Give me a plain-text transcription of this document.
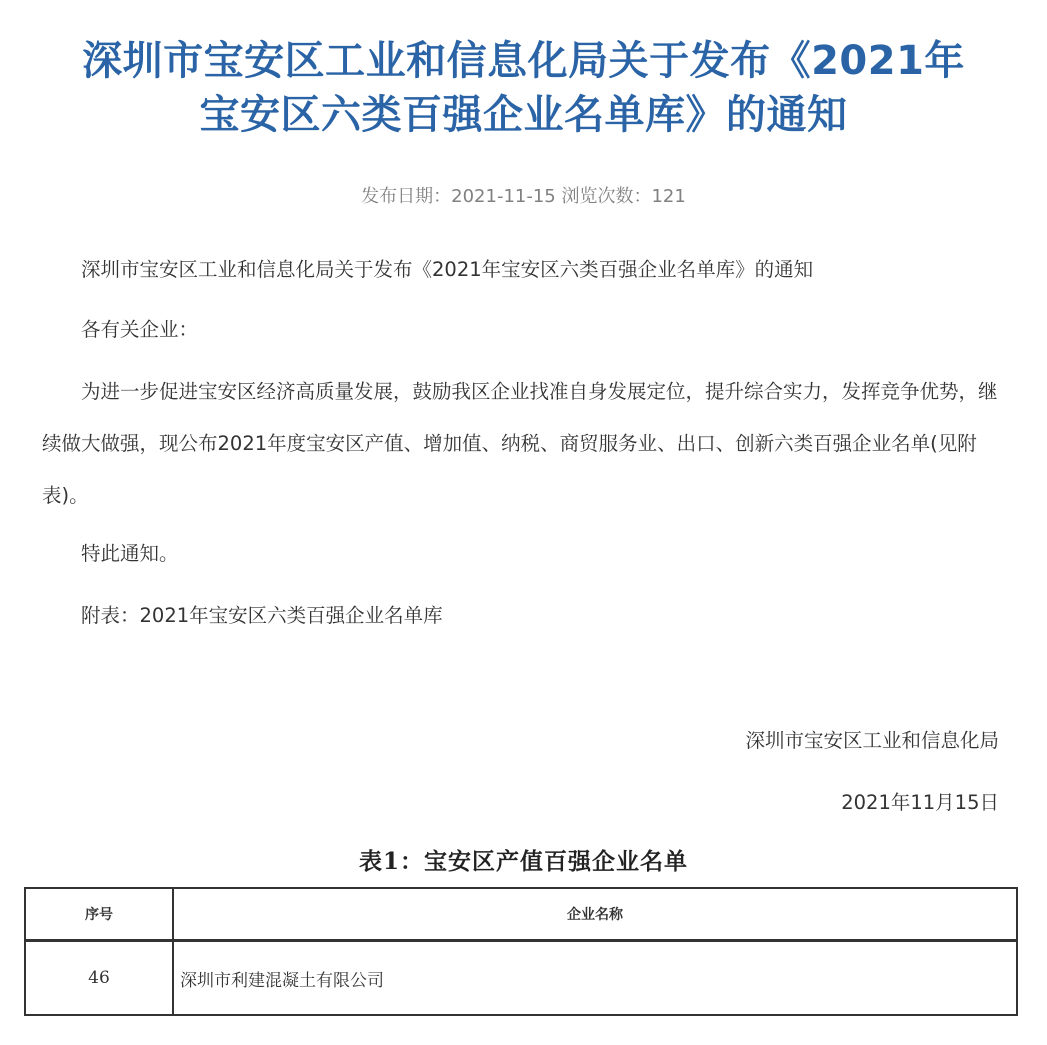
深圳市宝安区工业和信息化局关于发布《2021年
宝安区六类百强企业名单库》的通知
发布日期：2021-11-15 浏览次数：121
深圳市宝安区工业和信息化局关于发布《2021年宝安区六类百强企业名单库》的通知
各有关企业：
为进一步促进宝安区经济高质量发展，鼓励我区企业找准自身发展定位，提升综合实力，发挥竞争优势，继续做大做强，现公布2021年度宝安区产值、增加值、纳税、商贸服务业、出口、创新六类百强企业名单(见附表)。
特此通知。
附表：2021年宝安区六类百强企业名单库
深圳市宝安区工业和信息化局
2021年11月15日
表1：宝安区产值百强企业名单
序号	企业名称
46	深圳市利建混凝土有限公司
